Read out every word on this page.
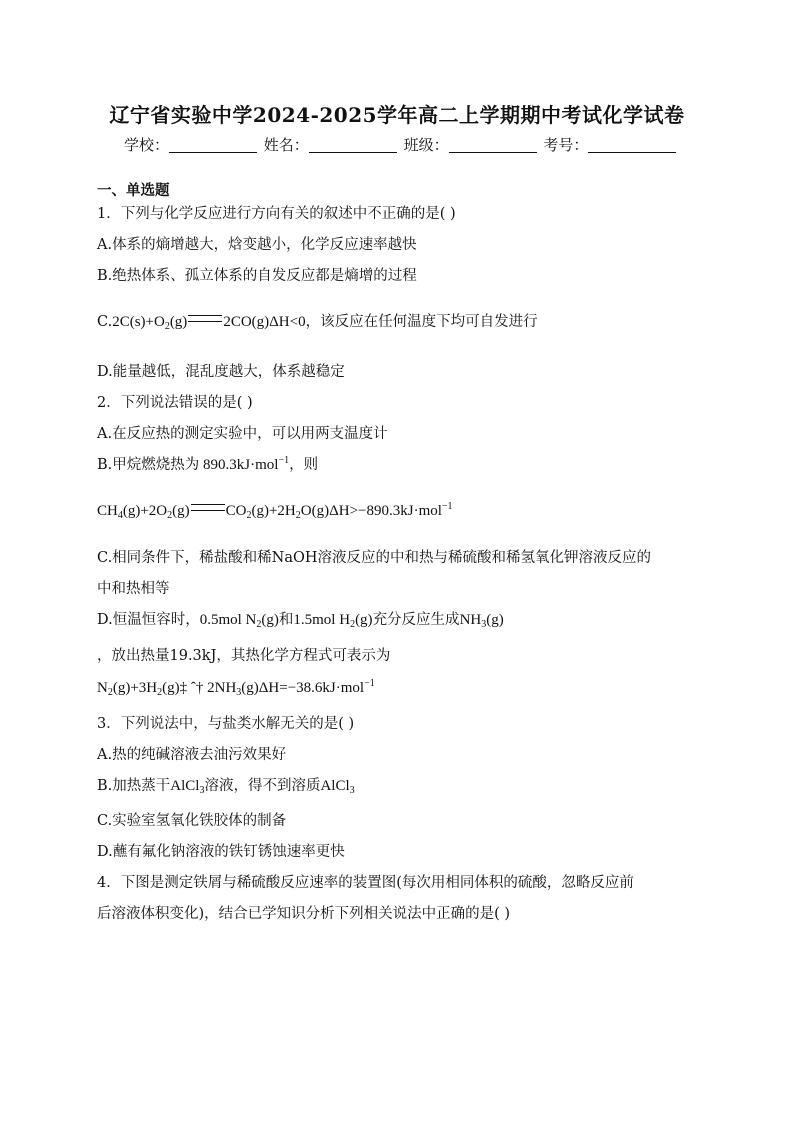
辽宁省实验中学2024-2025学年高二上学期期中考试化学试卷
学校：	姓名：	班级：	考号：
一、单选题
1．下列与化学反应进行方向有关的叙述中不正确的是( )
A.体系的熵增越大，焓变越小，化学反应速率越快
B.绝热体系、孤立体系的自发反应都是熵增的过程
$C.2C(s)+O_2(g)$ 2CO(g)ΔH<0，该反应在任何温度下均可自发进行
D.能量越低，混乱度越大，体系越稳定
2．下列说法错误的是( )
A.在反应热的测定实验中，可以用两支温度计
B.甲烷燃烧热为 890.3kJ·mol$^{-1}$，则
$CH_4(g)+2O_2(g)$ $CO_2(g)+2H_2O(g)\Delta H>-890.3kJ\cdot mol^{-1}$
C.相同条件下，稀盐酸和稀NaOH溶液反应的中和热与稀硫酸和稀氢氧化钾溶液反应的
中和热相等
D.恒温恒容时，0.5mol $N_2(g)$和1.5mol $H_2(g)$充分反应生成$NH_3(g)$
，放出热量19.3kJ，其热化学方程式可表示为
$N_2(g)+3H_2(g)\ddagger$ ˆ† $2NH_3(g)\Delta H=-38.6kJ\cdot mol^{-1}$
3．下列说法中，与盐类水解无关的是( )
A.热的纯碱溶液去油污效果好
B.加热蒸干AlCl$_3$溶液，得不到溶质AlCl$_3$
C.实验室氢氧化铁胶体的制备
D.蘸有氟化钠溶液的铁钉锈蚀速率更快
4．下图是测定铁屑与稀硫酸反应速率的装置图(每次用相同体积的硫酸，忽略反应前
后溶液体积变化)，结合已学知识分析下列相关说法中正确的是( )
